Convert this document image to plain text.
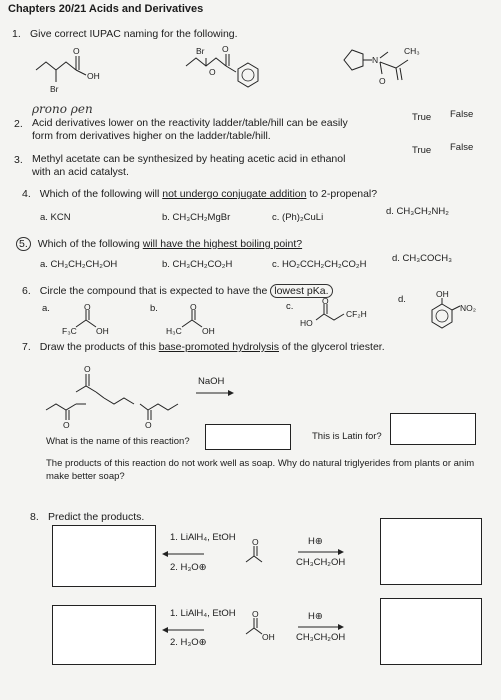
Chapters 20/21 Acids and Derivatives
1. Give correct IUPAC naming for the following.
O
OH
Br
Br O
O
N
CH₃
O
ρrono ρen
2. Acid derivatives lower on the reactivity ladder/table/hill can be easily
form from derivatives higher on the ladder/table/hill.
True False
3. Methyl acetate can be synthesized by heating acetic acid in ethanol
with an acid catalyst.
True False
4. Which of the following will not undergo conjugate addition to 2-propenal?
a. KCN	b. CH₃CH₂MgBr	c. (Ph)₂CuLi
d. CH₃CH₂NH₂
5. Which of the following will have the highest boiling point?
a. CH₃CH₂CH₂OH	b. CH₃CH₂CO₂H	c. HO₂CCH₂CH₂CO₂H
d. CH₃COCH₃
6. Circle the compound that is expected to have the lowest pKa.
a.	O
F₃C OH
b.	O
H₃C OH
c.	O
HO
CF₂H
d.	OH
NO₂
7. Draw the products of this base-promoted hydrolysis of the glycerol triester.
O
O	O
NaOH
What is the name of this reaction?	This is Latin for?
The products of this reaction do not work well as soap. Why do natural triglyerides from plants or anim
make better soap?
8. Predict the products.
1. LiAlH₄, EtOH
2. H₃O⊕
O	H⊕
CH₃CH₂OH
1. LiAlH₄, EtOH
2. H₃O⊕
O
OH
H⊕
CH₃CH₂OH
